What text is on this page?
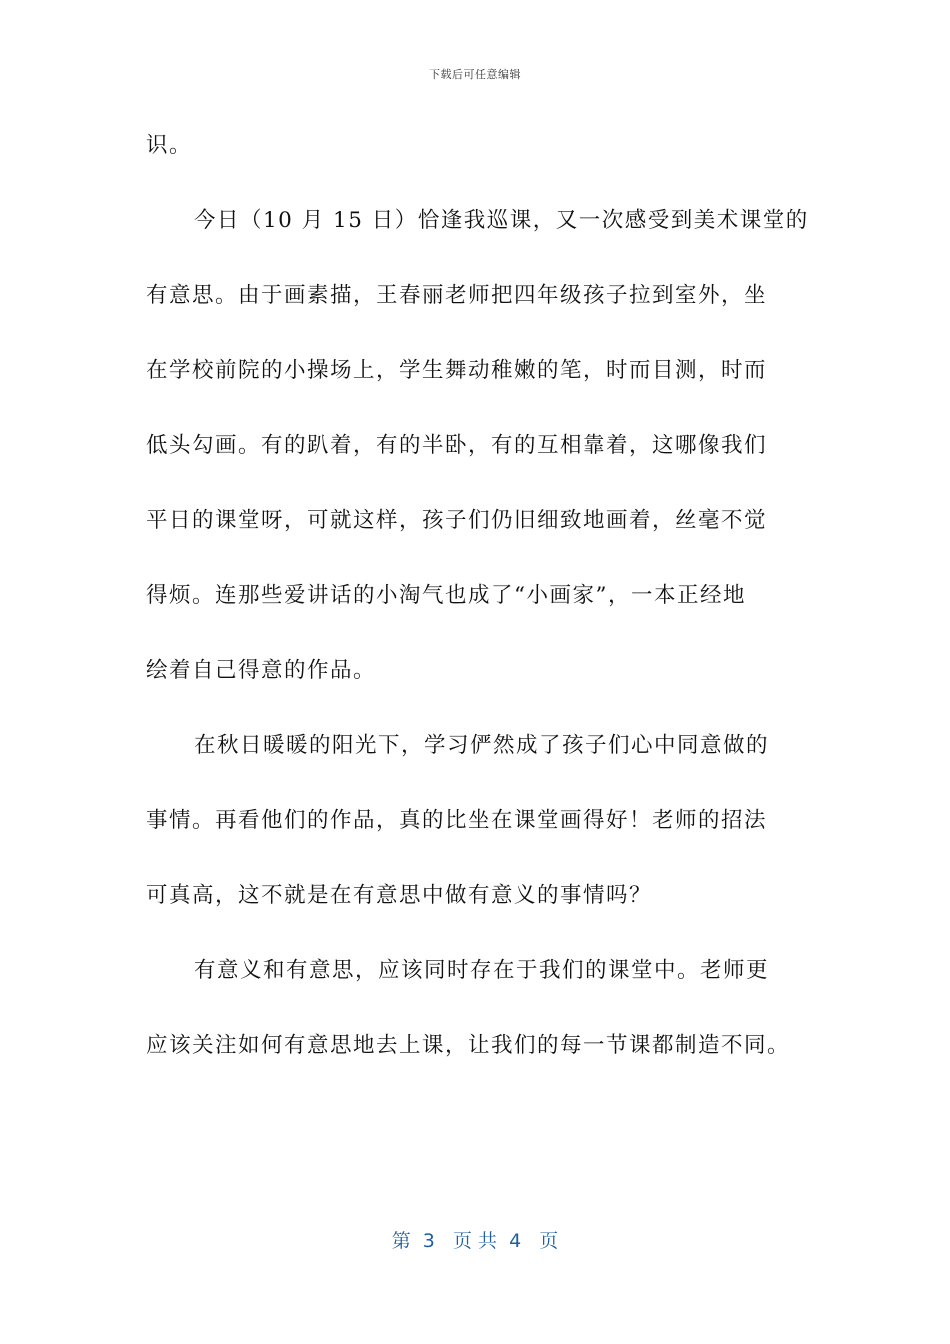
下载后可任意编辑
识。
今日（10 月 15 日）恰逢我巡课，又一次感受到美术课堂的
有意思。由于画素描，王春丽老师把四年级孩子拉到室外，坐
在学校前院的小操场上，学生舞动稚嫩的笔，时而目测，时而
低头勾画。有的趴着，有的半卧，有的互相靠着，这哪像我们
平日的课堂呀，可就这样，孩子们仍旧细致地画着，丝毫不觉
得烦。连那些爱讲话的小淘气也成了“小画家”，一本正经地
绘着自己得意的作品。
在秋日暖暖的阳光下，学习俨然成了孩子们心中同意做的
事情。再看他们的作品，真的比坐在课堂画得好！老师的招法
可真高，这不就是在有意思中做有意义的事情吗？
有意义和有意思，应该同时存在于我们的课堂中。老师更
应该关注如何有意思地去上课，让我们的每一节课都制造不同。
第  3   页 共  4   页
